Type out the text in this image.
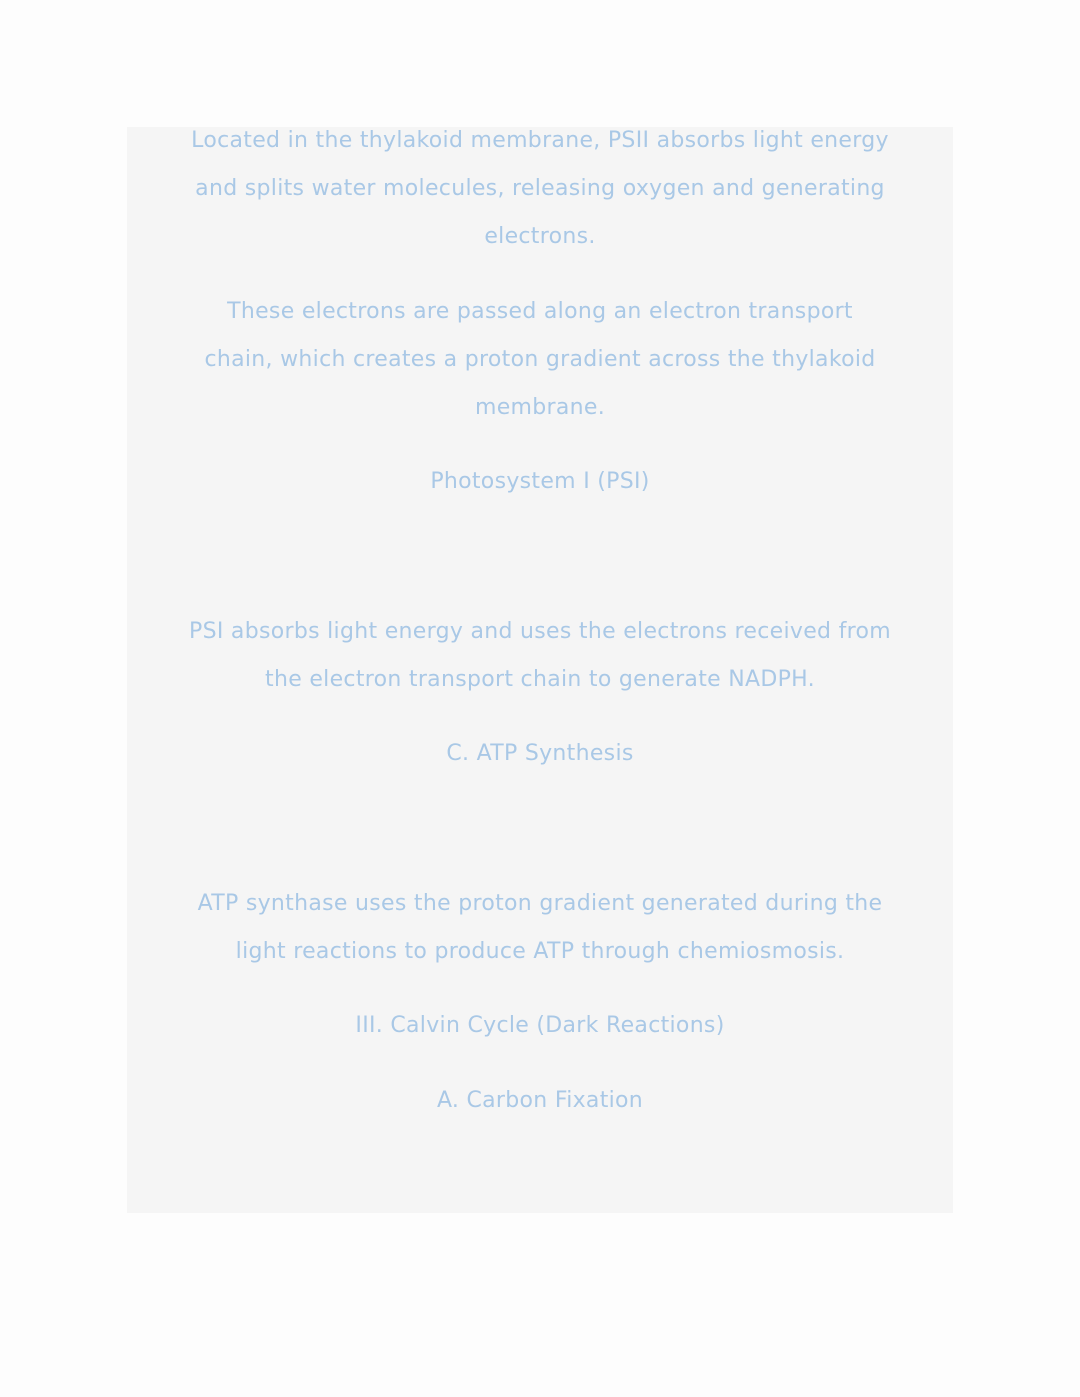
Located in the thylakoid membrane, PSII absorbs light energy
and splits water molecules, releasing oxygen and generating
electrons.

These electrons are passed along an electron transport
chain, which creates a proton gradient across the thylakoid
membrane.

Photosystem I (PSI)

PSI absorbs light energy and uses the electrons received from
the electron transport chain to generate NADPH.

C. ATP Synthesis

ATP synthase uses the proton gradient generated during the
light reactions to produce ATP through chemiosmosis.

III. Calvin Cycle (Dark Reactions)

A. Carbon Fixation
